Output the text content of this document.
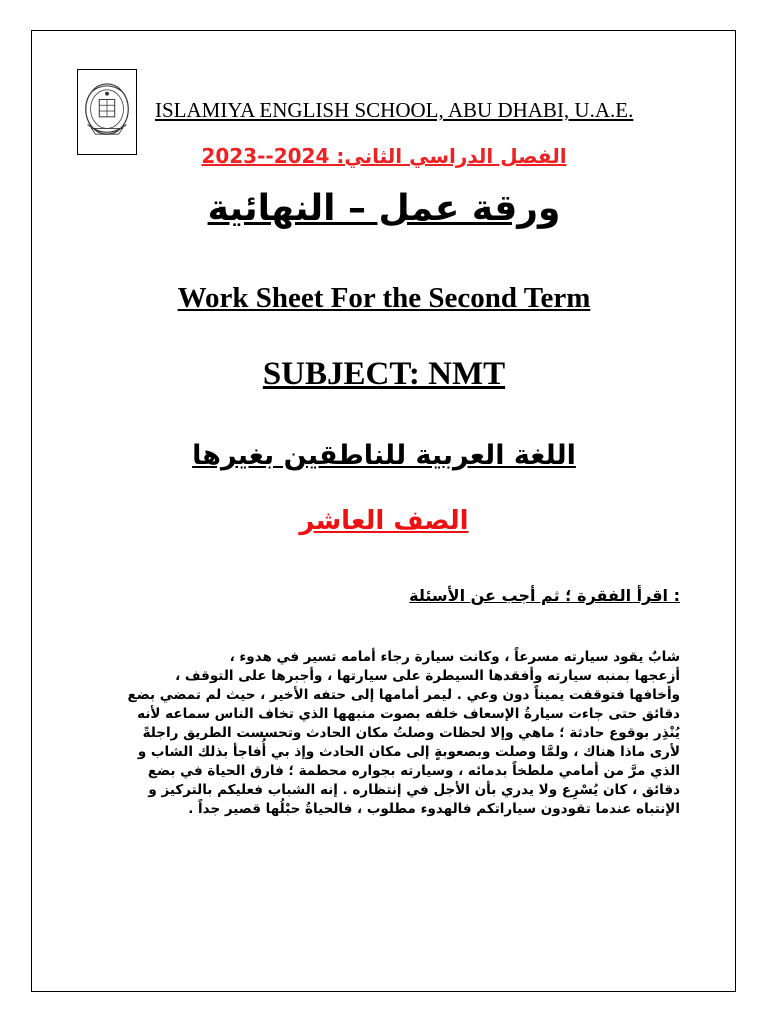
ISLAMIYA ENGLISH SCHOOL, ABU DHABI, U.A.E.
الفصل الدراسي الثاني: 2024--2023
ورقة عمل – النهائية
Work Sheet For the Second Term
SUBJECT: NMT
اللغة العربية للناطقين بغيرها
الصف العاشر
: اقرأ الفقرة ؛ ثم أجب عن الأسئلة
شابٌ يقود سيارته مسرعاً ، وكانت سيارة رجاء أمامه تسير في هدوء ،
أزعجها بمنبه سيارته وأفقدها السيطرة على سيارتها ، وأجبرها على التوقف ،
وأخافها فتوقفت يميناً دون وعي . ليمر أمامها إلى حتفه الأخير ، حيث لم تمضي بضع
دقائق حتى جاءت سيارةُ الإسعاف خلفه بصوت منبهها الذي تخاف الناس سماعه لأنه
يُنْذِر بوقوع حادثة ؛ ماهي وإلا لحظات وصلتُ مكان الحادث وتحسست الطريق راجلةً
لأرى ماذا هناك ، ولمَّا وصلت وبصعوبةٍ إلى مكان الحادث وإذ بي أُفاجأ بذلك الشاب و
الذي مرَّ من أمامي ملطخاً بدمائه ، وسيارته بجواره محطمة ؛ فارق الحياة في بضع
دقائق ، كان يُسْرِع ولا يدري بأن الأجل في إنتظاره . إنه الشباب فعليكم بالتركيز و
الإنتباه عندما تقودون سياراتكم فالهدوء مطلوب ، فالحياةُ حبْلُها قصير جداً .
